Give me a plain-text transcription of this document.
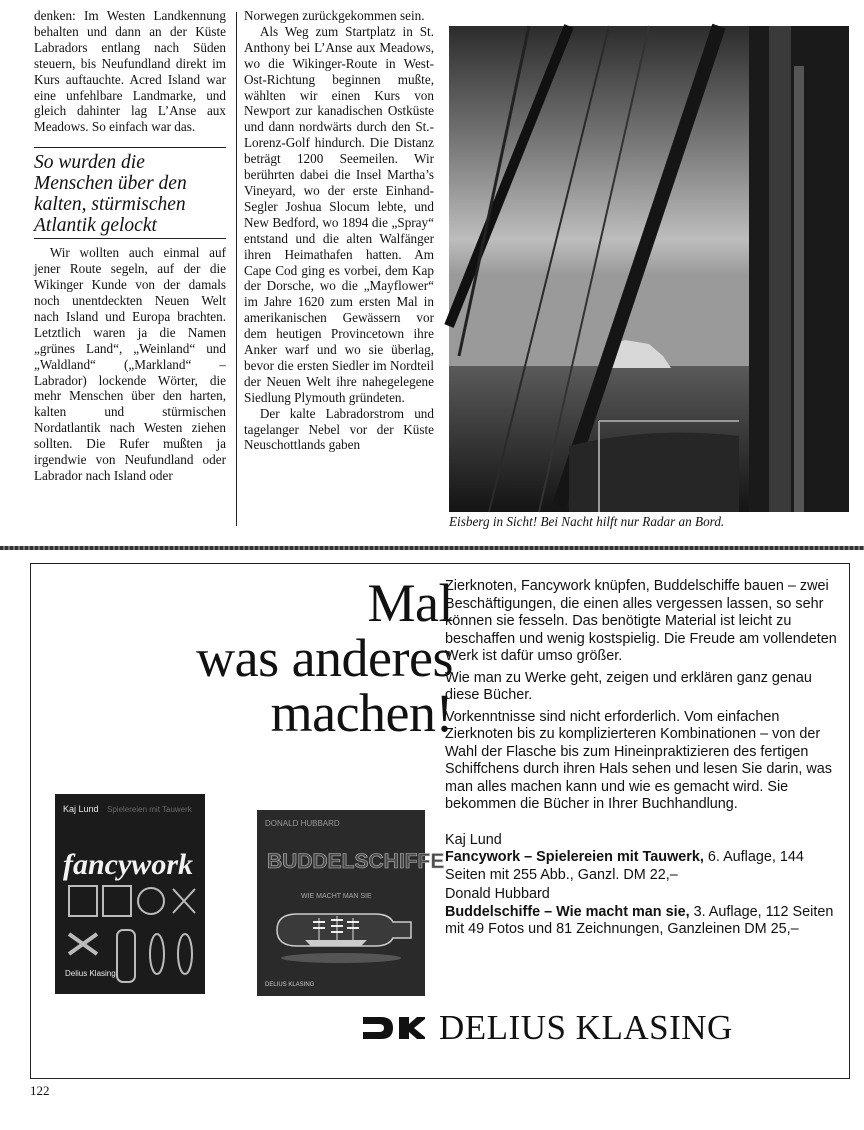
denken: Im Westen Landkennung behalten und dann an der Küste Labradors entlang nach Süden steuern, bis Neufundland direkt im Kurs auftauchte. Acred Island war eine unfehlbare Landmarke, und gleich dahinter lag L’Anse aux Meadows. So einfach war das.

So wurden die Menschen über den kalten, stürmischen Atlantik gelockt

Wir wollten auch einmal auf jener Route segeln, auf der die Wikinger Kunde von der damals noch unentdeckten Neuen Welt nach Island und Europa brachten. Letztlich waren ja die Namen „grünes Land“, „Weinland“ und „Waldland“ („Markland“ – Labrador) lockende Wörter, die mehr Menschen über den harten, kalten und stürmischen Nordatlantik nach Westen ziehen sollten. Die Rufer mußten ja irgendwie von Neufundland oder Labrador nach Island oder

Norwegen zurückgekommen sein.

Als Weg zum Startplatz in St. Anthony bei L’Anse aux Meadows, wo die Wikinger-Route in West-Ost-Richtung beginnen mußte, wählten wir einen Kurs von Newport zur kanadischen Ostküste und dann nordwärts durch den St.-Lorenz-Golf hindurch. Die Distanz beträgt 1200 Seemeilen. Wir berührten dabei die Insel Martha’s Vineyard, wo der erste Einhand-Segler Joshua Slocum lebte, und New Bedford, wo 1894 die „Spray“ entstand und die alten Walfänger ihren Heimathafen hatten. Am Cape Cod ging es vorbei, dem Kap der Dorsche, wo die „Mayflower“ im Jahre 1620 zum ersten Mal in amerikanischen Gewässern vor dem heutigen Provincetown ihre Anker warf und wo sie überlag, bevor die ersten Siedler im Nordteil der Neuen Welt ihre nahegelegene Siedlung Plymouth gründeten.

Der kalte Labradorstrom und tagelanger Nebel vor der Küste Neuschottlands gaben

Eisberg in Sicht! Bei Nacht hilft nur Radar an Bord.
Mal
was anderes
machen!

Zierknoten, Fancywork knüpfen, Buddelschiffe bauen – zwei Beschäftigungen, die einen alles vergessen lassen, so sehr können sie fesseln. Das benötigte Material ist leicht zu beschaffen und wenig kostspielig. Die Freude am vollendeten Werk ist dafür umso größer.

Wie man zu Werke geht, zeigen und erklären ganz genau diese Bücher.

Vorkenntnisse sind nicht erforderlich. Vom einfachen Zierknoten bis zu komplizierteren Kombinationen – von der Wahl der Flasche bis zum Hineinpraktizieren des fertigen Schiffchens durch ihren Hals sehen und lesen Sie darin, was man alles machen kann und wie es gemacht wird. Sie bekommen die Bücher in Ihrer Buchhandlung.

Kaj Lund
Fancywork – Spielereien mit Tauwerk, 6. Auflage, 144 Seiten mit 255 Abb., Ganzl. DM 22,–
Donald Hubbard
Buddelschiffe – Wie macht man sie, 3. Auflage, 112 Seiten mit 49 Fotos und 81 Zeichnungen, Ganzleinen DM 25,–
Kaj Lund Spielereien mit Tauwerk
fancywork
Delius Klasing
DONALD HUBBARD
BUDDELSCHIFFE
WIE MACHT MAN SIE
DELIUS KLASING
DELIUS KLASING
122
